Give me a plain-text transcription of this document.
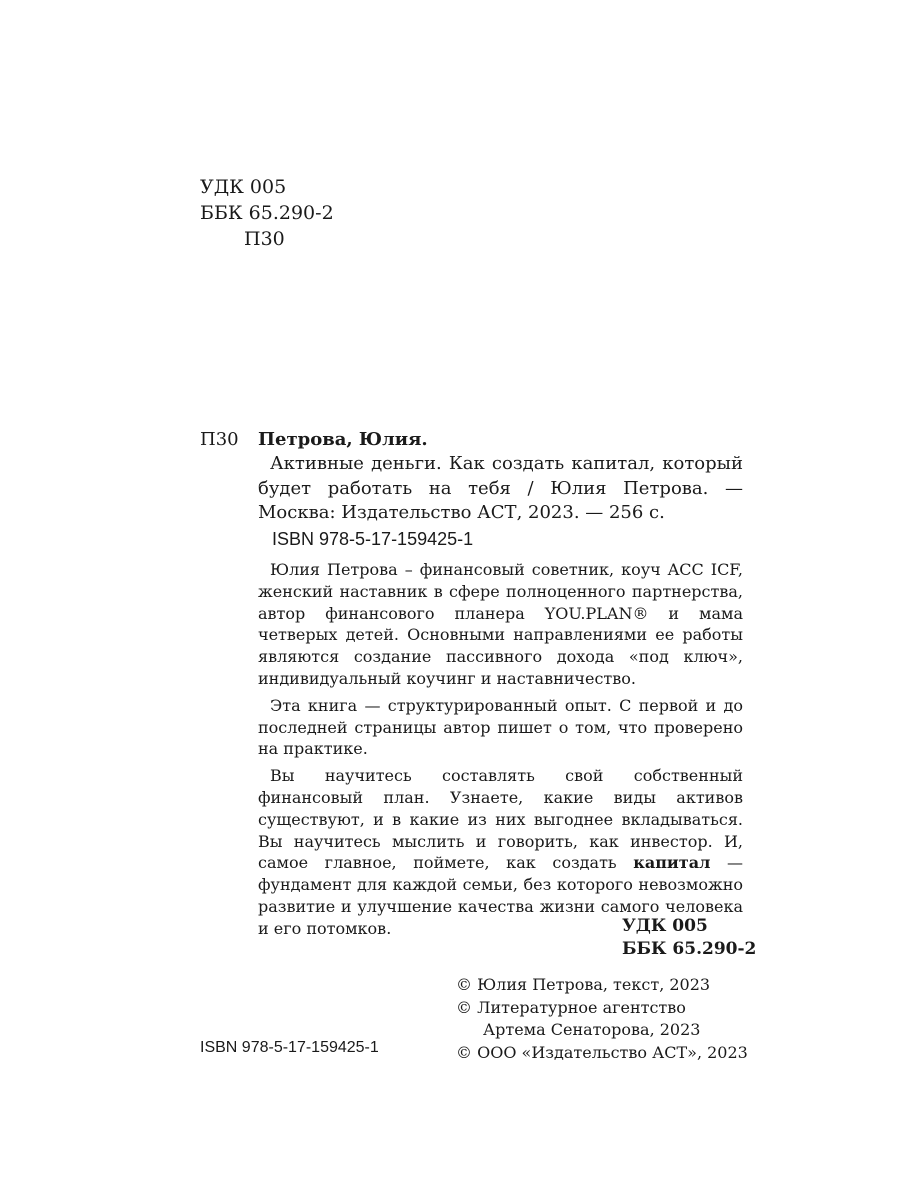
УДК 005
ББК 65.290-2
П30
П30 Петрова, Юлия.

Активные деньги. Как создать капитал, который будет работать на тебя / Юлия Петрова. — Москва: Издательство АСТ, 2023. — 256 с.

ISBN 978-5-17-159425-1

Юлия Петрова – финансовый советник, коуч ACC ICF, женский наставник в сфере полноценного партнерства, автор финансового планера YOU.PLAN® и мама четверых детей. Основными направлениями ее работы являются создание пассивного дохода «под ключ», индивидуальный коучинг и наставничество.

Эта книга — структурированный опыт. С первой и до последней страницы автор пишет о том, что проверено на практике.

Вы научитесь составлять свой собственный финансовый план. Узнаете, какие виды активов существуют, и в какие из них выгоднее вкладываться. Вы научитесь мыслить и говорить, как инвестор. И, самое главное, поймете, как создать капитал — фундамент для каждой семьи, без которого невозможно развитие и улучшение качества жизни самого человека и его потомков.	УДК 005
ББК 65.290-2
© Юлия Петрова, текст, 2023
© Литературное агентство
Артема Сенаторова, 2023
© ООО «Издательство АСТ», 2023
ISBN 978-5-17-159425-1
